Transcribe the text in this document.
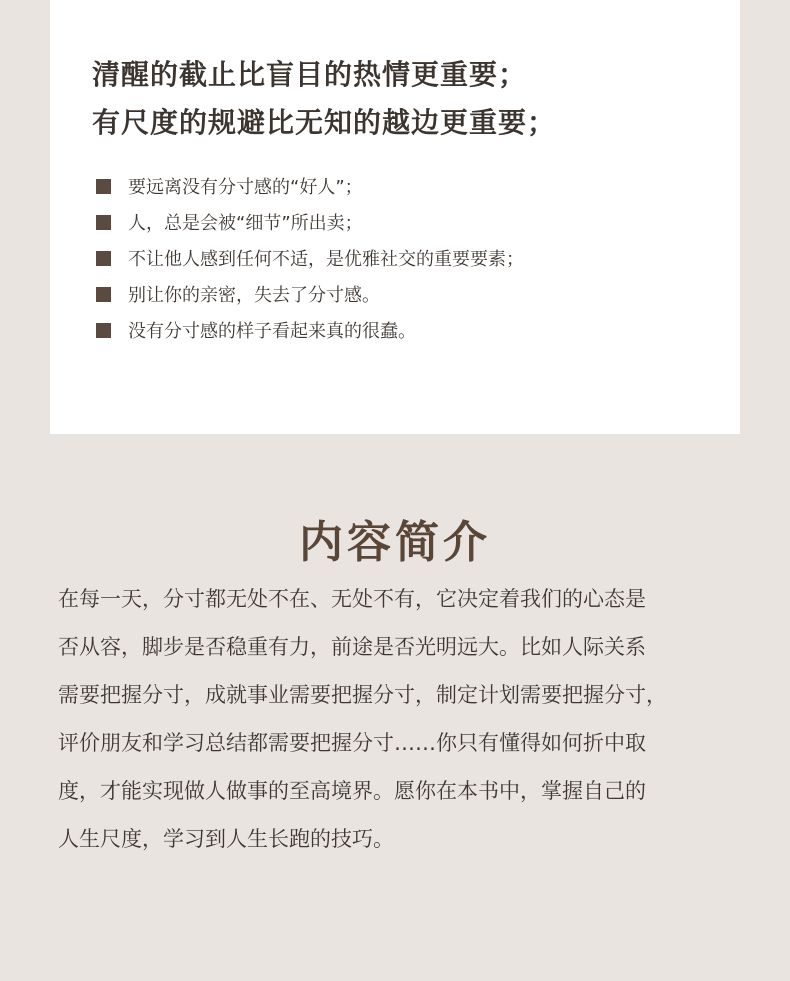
清醒的截止比盲目的热情更重要；
有尺度的规避比无知的越边更重要；
要远离没有分寸感的“好人”；
人，总是会被“细节”所出卖；
不让他人感到任何不适，是优雅社交的重要要素；
别让你的亲密，失去了分寸感。
没有分寸感的样子看起来真的很蠢。
内容简介
在每一天，分寸都无处不在、无处不有，它决定着我们的心态是
否从容，脚步是否稳重有力，前途是否光明远大。比如人际关系
需要把握分寸，成就事业需要把握分寸，制定计划需要把握分寸，
评价朋友和学习总结都需要把握分寸……你只有懂得如何折中取
度，才能实现做人做事的至高境界。愿你在本书中，掌握自己的
人生尺度，学习到人生长跑的技巧。
